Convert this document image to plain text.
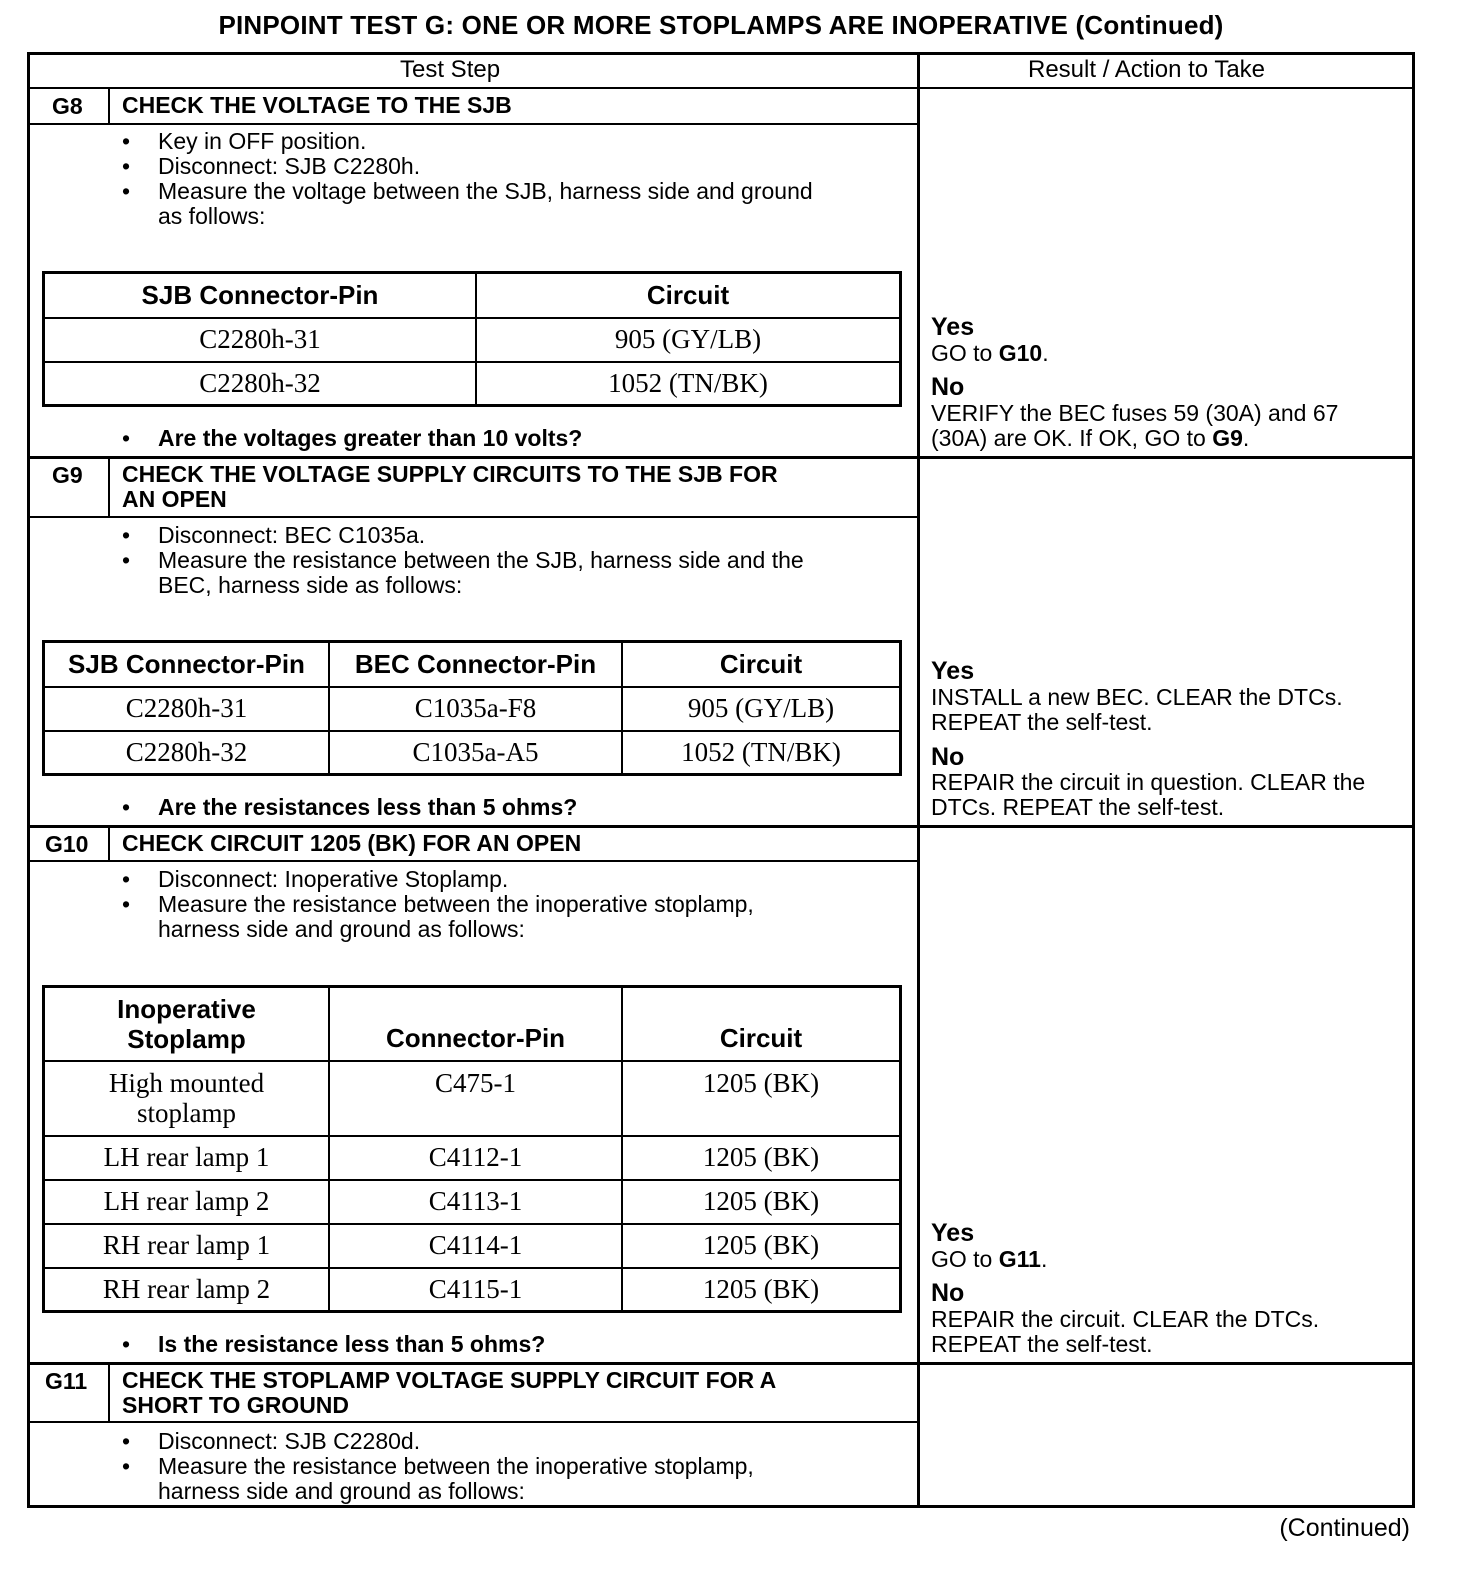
PINPOINT TEST G: ONE OR MORE STOPLAMPS ARE INOPERATIVE (Continued)
Test Step	Result / Action to Take
G8 CHECK THE VOLTAGE TO THE SJB
• Key in OFF position.
• Disconnect: SJB C2280h.
• Measure the voltage between the SJB, harness side and ground
as follows:
SJB Connector-Pin	Circuit
C2280h-31	905 (GY/LB)
C2280h-32	1052 (TN/BK)
• Are the voltages greater than 10 volts?
Yes
GO to G10.
No
VERIFY the BEC fuses 59 (30A) and 67
(30A) are OK. If OK, GO to G9.
G9 CHECK THE VOLTAGE SUPPLY CIRCUITS TO THE SJB FOR
AN OPEN
• Disconnect: BEC C1035a.
• Measure the resistance between the SJB, harness side and the
BEC, harness side as follows:
SJB Connector-Pin	BEC Connector-Pin	Circuit
C2280h-31	C1035a-F8	905 (GY/LB)
C2280h-32	C1035a-A5	1052 (TN/BK)
• Are the resistances less than 5 ohms?
Yes
INSTALL a new BEC. CLEAR the DTCs.
REPEAT the self-test.
No
REPAIR the circuit in question. CLEAR the
DTCs. REPEAT the self-test.
G10 CHECK CIRCUIT 1205 (BK) FOR AN OPEN
• Disconnect: Inoperative Stoplamp.
• Measure the resistance between the inoperative stoplamp,
harness side and ground as follows:
Inoperative
Stoplamp	Connector-Pin	Circuit
High mounted
stoplamp	C475-1	1205 (BK)
LH rear lamp 1	C4112-1	1205 (BK)
LH rear lamp 2	C4113-1	1205 (BK)
RH rear lamp 1	C4114-1	1205 (BK)
RH rear lamp 2	C4115-1	1205 (BK)
• Is the resistance less than 5 ohms?
Yes
GO to G11.
No
REPAIR the circuit. CLEAR the DTCs.
REPEAT the self-test.
G11 CHECK THE STOPLAMP VOLTAGE SUPPLY CIRCUIT FOR A
SHORT TO GROUND
• Disconnect: SJB C2280d.
• Measure the resistance between the inoperative stoplamp,
harness side and ground as follows:
(Continued)
